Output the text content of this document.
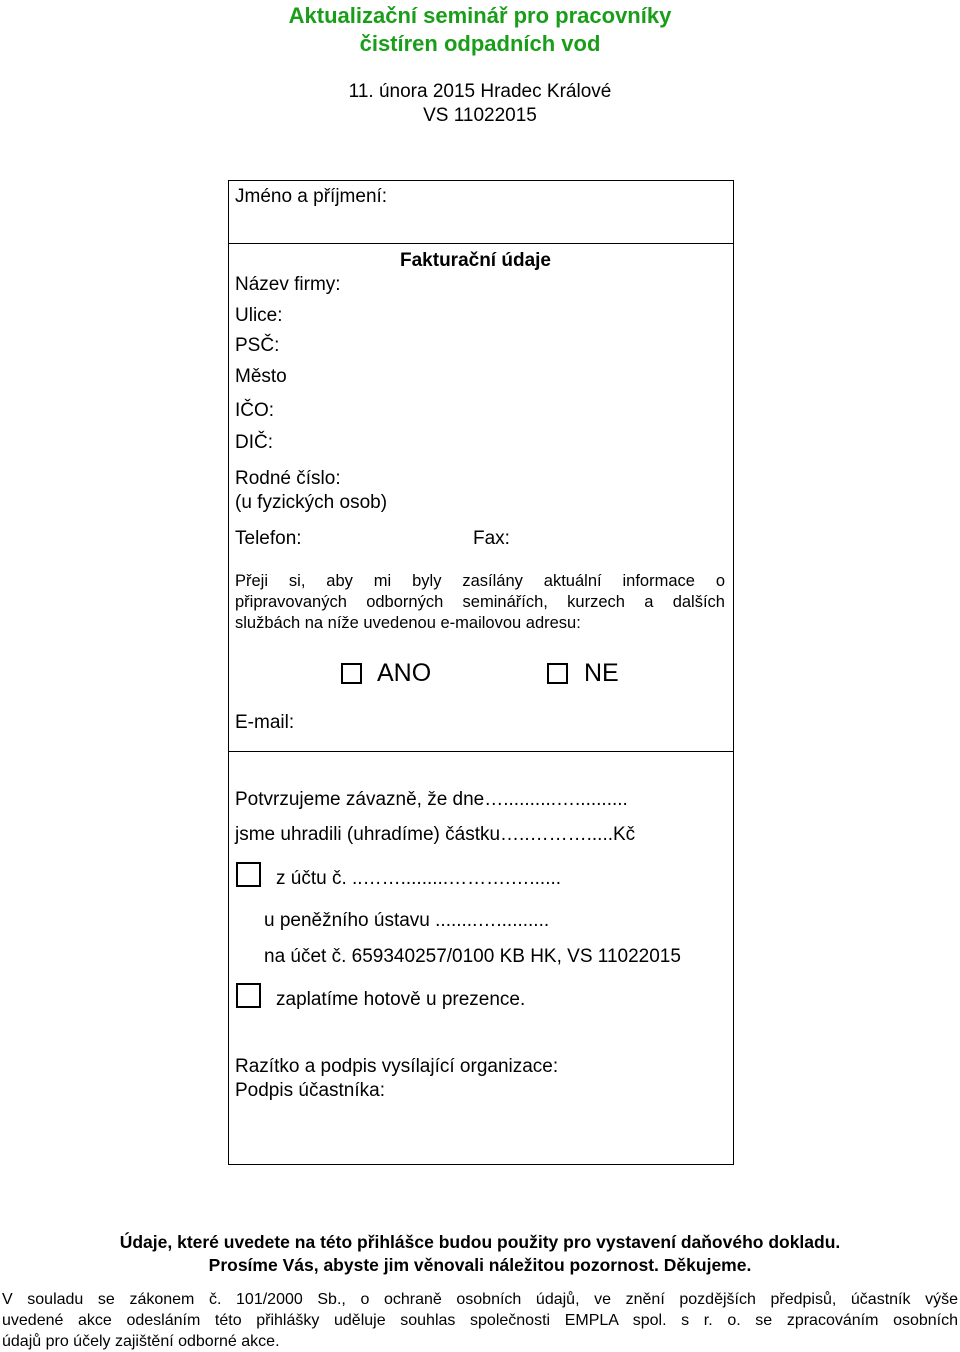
Aktualizační seminář pro pracovníky
čistíren odpadních vod
11. února 2015 Hradec Králové
VS 11022015
Jméno a příjmení:
Fakturační údaje
Název firmy:
Ulice:
PSČ:
Město
IČO:
DIČ:
Rodné číslo:
(u fyzických osob)
Telefon:	Fax:
Přeji si, aby mi byly zasílány aktuální informace o
připravovaných odborných seminářích, kurzech a dalších
službách na níže uvedenou e-mailovou adresu:
ANO	NE
E-mail:
Potvrzujeme závazně, že dne…..........…..........
jsme uhradili (uhradíme) částku…..……….....Kč
z účtu č. ..…….........……….…......
u peněžního ústavu ........…..........
na účet č. 659340257/0100 KB HK, VS 11022015
zaplatíme hotově u prezence.
Razítko a podpis vysílající organizace:
Podpis účastníka:
Údaje, které uvedete na této přihlášce budou použity pro vystavení daňového dokladu.
Prosíme Vás, abyste jim věnovali náležitou pozornost. Děkujeme.
V souladu se zákonem č. 101/2000 Sb., o ochraně osobních údajů, ve znění pozdějších předpisů, účastník výše
uvedené akce odesláním této přihlášky uděluje souhlas společnosti EMPLA spol. s r. o. se zpracováním osobních
údajů pro účely zajištění odborné akce.
